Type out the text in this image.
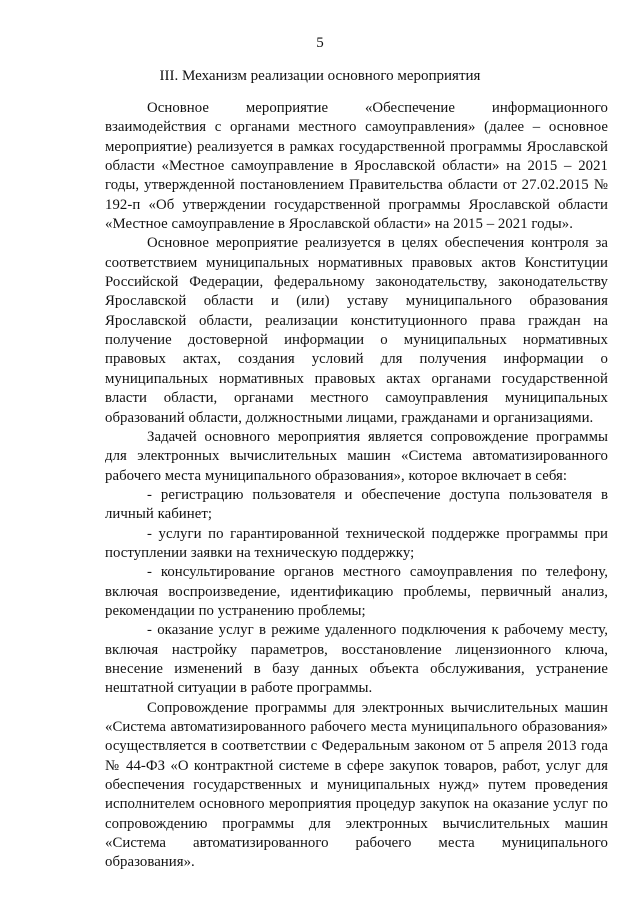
5
III. Механизм реализации основного мероприятия

Основное мероприятие «Обеспечение информационного взаимодействия с органами местного самоуправления» (далее – основное мероприятие) реализуется в рамках государственной программы Ярославской области «Местное самоуправление в Ярославской области» на 2015 – 2021 годы, утвержденной постановлением Правительства области от 27.02.2015 № 192-п «Об утверждении государственной программы Ярославской области «Местное самоуправление в Ярославской области» на 2015 – 2021 годы».

Основное мероприятие реализуется в целях обеспечения контроля за соответствием муниципальных нормативных правовых актов Конституции Российской Федерации, федеральному законодательству, законодательству Ярославской области и (или) уставу муниципального образования Ярославской области, реализации конституционного права граждан на получение достоверной информации о муниципальных нормативных правовых актах, создания условий для получения информации о муниципальных нормативных правовых актах органами государственной власти области, органами местного самоуправления муниципальных образований области, должностными лицами, гражданами и организациями.

Задачей основного мероприятия является сопровождение программы для электронных вычислительных машин «Система автоматизированного рабочего места муниципального образования», которое включает в себя:

- регистрацию пользователя и обеспечение доступа пользователя в личный кабинет;

- услуги по гарантированной технической поддержке программы при поступлении заявки на техническую поддержку;

- консультирование органов местного самоуправления по телефону, включая воспроизведение, идентификацию проблемы, первичный анализ, рекомендации по устранению проблемы;

- оказание услуг в режиме удаленного подключения к рабочему месту, включая настройку параметров, восстановление лицензионного ключа, внесение изменений в базу данных объекта обслуживания, устранение нештатной ситуации в работе программы.

Сопровождение программы для электронных вычислительных машин «Система автоматизированного рабочего места муниципального образования» осуществляется в соответствии с Федеральным законом от 5 апреля 2013 года № 44-ФЗ «О контрактной системе в сфере закупок товаров, работ, услуг для обеспечения государственных и муниципальных нужд» путем проведения исполнителем основного мероприятия процедур закупок на оказание услуг по сопровождению программы для электронных вычислительных машин «Система автоматизированного рабочего места муниципального образования».
